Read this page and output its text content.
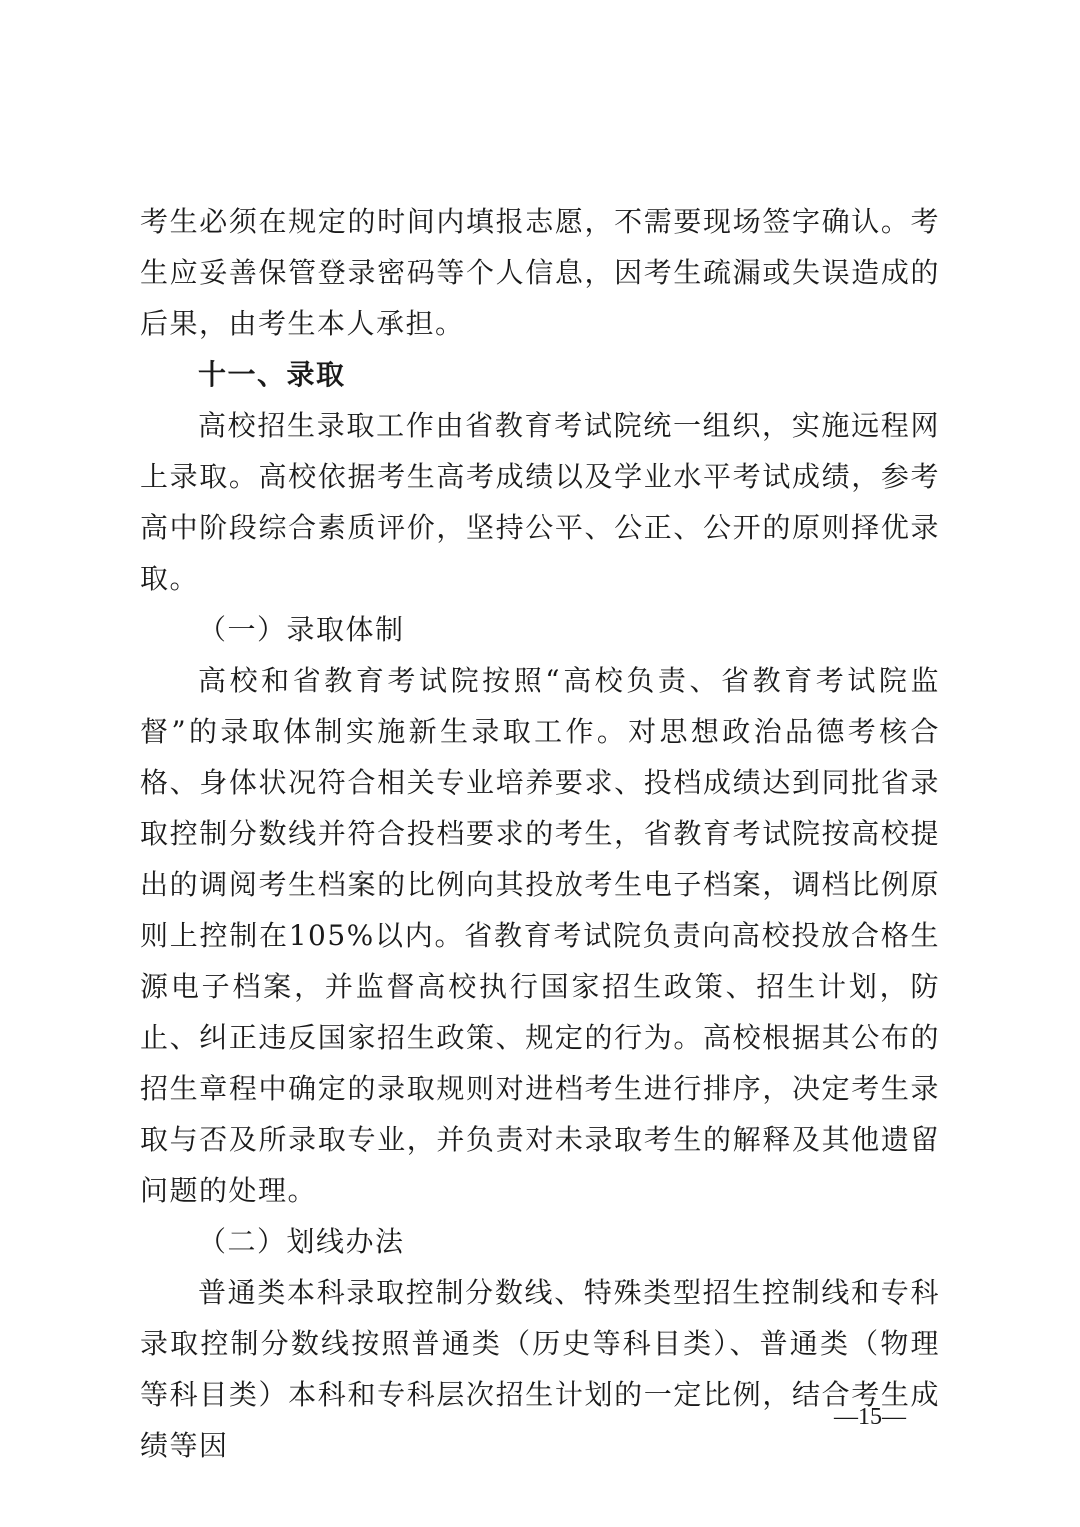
考生必须在规定的时间内填报志愿，不需要现场签字确认。考生应妥善保管登录密码等个人信息，因考生疏漏或失误造成的后果，由考生本人承担。

十一、录取

高校招生录取工作由省教育考试院统一组织，实施远程网上录取。高校依据考生高考成绩以及学业水平考试成绩，参考高中阶段综合素质评价，坚持公平、公正、公开的原则择优录取。

（一）录取体制

高校和省教育考试院按照“高校负责、省教育考试院监督”的录取体制实施新生录取工作。对思想政治品德考核合格、身体状况符合相关专业培养要求、投档成绩达到同批省录取控制分数线并符合投档要求的考生，省教育考试院按高校提出的调阅考生档案的比例向其投放考生电子档案，调档比例原则上控制在105%以内。省教育考试院负责向高校投放合格生源电子档案，并监督高校执行国家招生政策、招生计划，防止、纠正违反国家招生政策、规定的行为。高校根据其公布的招生章程中确定的录取规则对进档考生进行排序，决定考生录取与否及所录取专业，并负责对未录取考生的解释及其他遗留问题的处理。

（二）划线办法

普通类本科录取控制分数线、特殊类型招生控制线和专科录取控制分数线按照普通类（历史等科目类）、普通类（物理等科目类）本科和专科层次招生计划的一定比例，结合考生成绩等因

—15—
